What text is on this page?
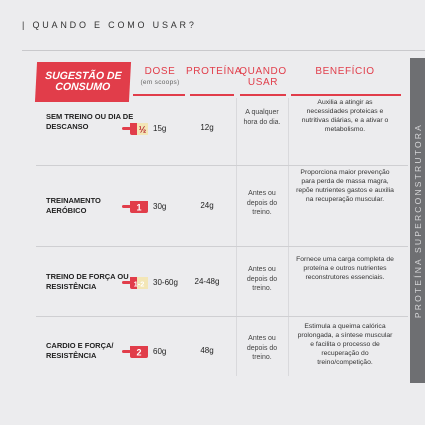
| QUANDO E COMO USAR?
PROTEÍNA SUPERCONSTRUTORA
SUGESTÃO DE CONSUMO
DOSE
(em scoops)
PROTEÍNA
QUANDO USAR
BENEFÍCIO
SEM TREINO OU DIA DE DESCANSO	½ 15g	12g
A qualquer hora do dia.
Auxilia a atingir as necessidades proteicas e nutritivas diárias, e a ativar o metabolismo.
TREINAMENTO AERÓBICO	1 30g	24g
Antes ou depois do treino.
Proporciona maior prevenção para perda de massa magra, repõe nutrientes gastos e auxilia na recuperação muscular.
TREINO DE FORÇA OU RESISTÊNCIA	1-2 30-60g	24-48g
Antes ou depois do treino.
Fornece uma carga completa de proteína e outros nutrientes reconstrutores essenciais.
CARDIO E FORÇA/ RESISTÊNCIA	2 60g	48g
Antes ou depois do treino.
Estimula a queima calórica prolongada, a síntese muscular e facilita o processo de recuperação do treino/competição.
